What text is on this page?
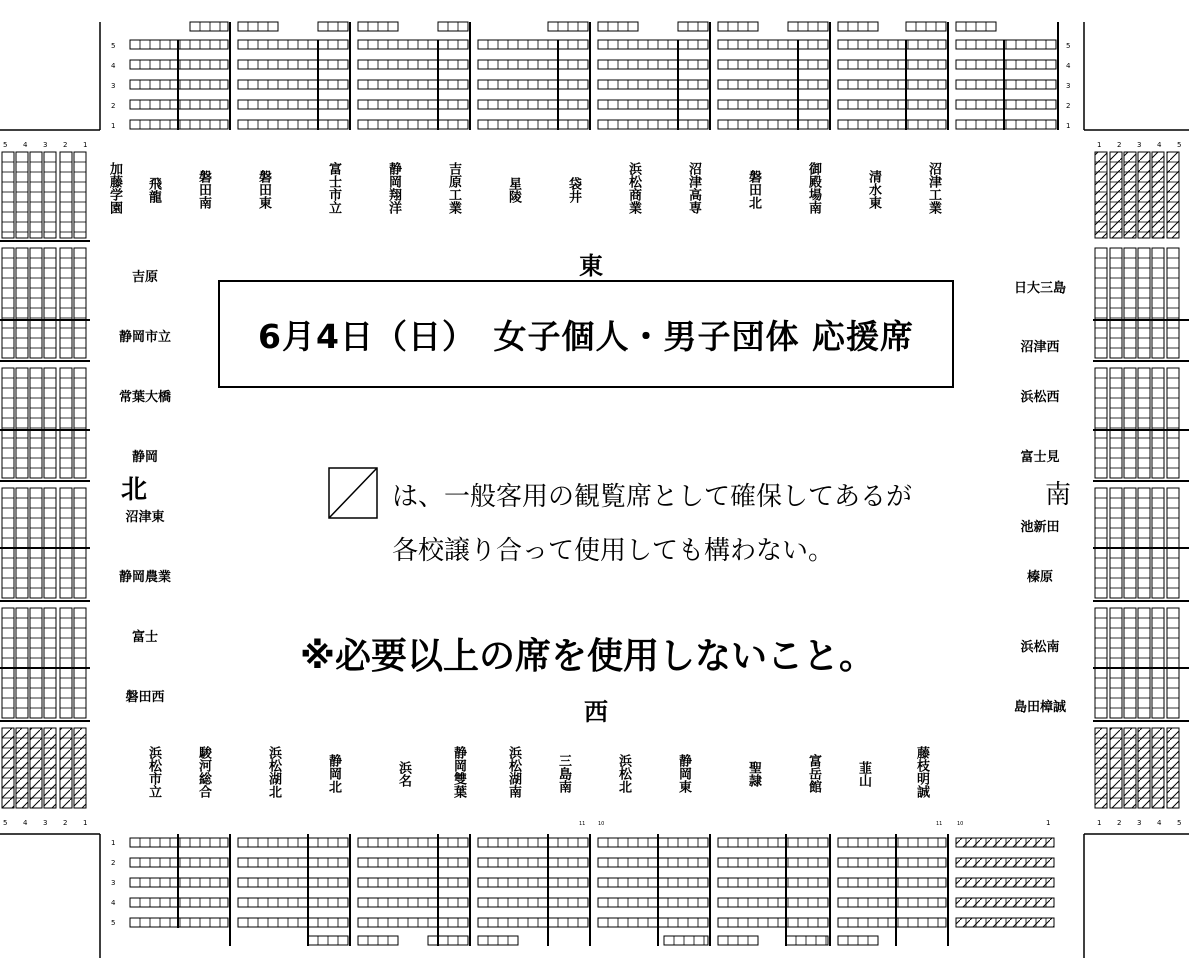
5	5
4	4
3	3
2	2
1	1
1
2
3
4
5
5
5
4
4
3
3
2
2
1
1
1
1
2
2
3
3
4
4
5
5
11	10	11	10	1
東
西
北	南
6月4日（日）　女子個人・男子団体 応援席
は、一般客用の観覧席として確保してあるが
各校譲り合って使用しても構わない。
※必要以上の席を使用しないこと。
加藤学園 飛龍	磐田南	磐田東	富士市立	静岡翔洋	吉原工業	星陵	袋井	浜松商業	沼津高専	磐田北	御殿場南	清水東	沼津工業
浜松市立	駿河総合	浜松湖北	静岡北	浜名	静岡雙葉	浜松湖南	三島南	浜松北	静岡東	聖隷	富岳館	韮山	藤枝明誠
吉原
静岡市立
常葉大橋
静岡
沼津東
静岡農業
富士
磐田西
日大三島
沼津西
浜松西
富士見
池新田
榛原
浜松南
島田樟誠
